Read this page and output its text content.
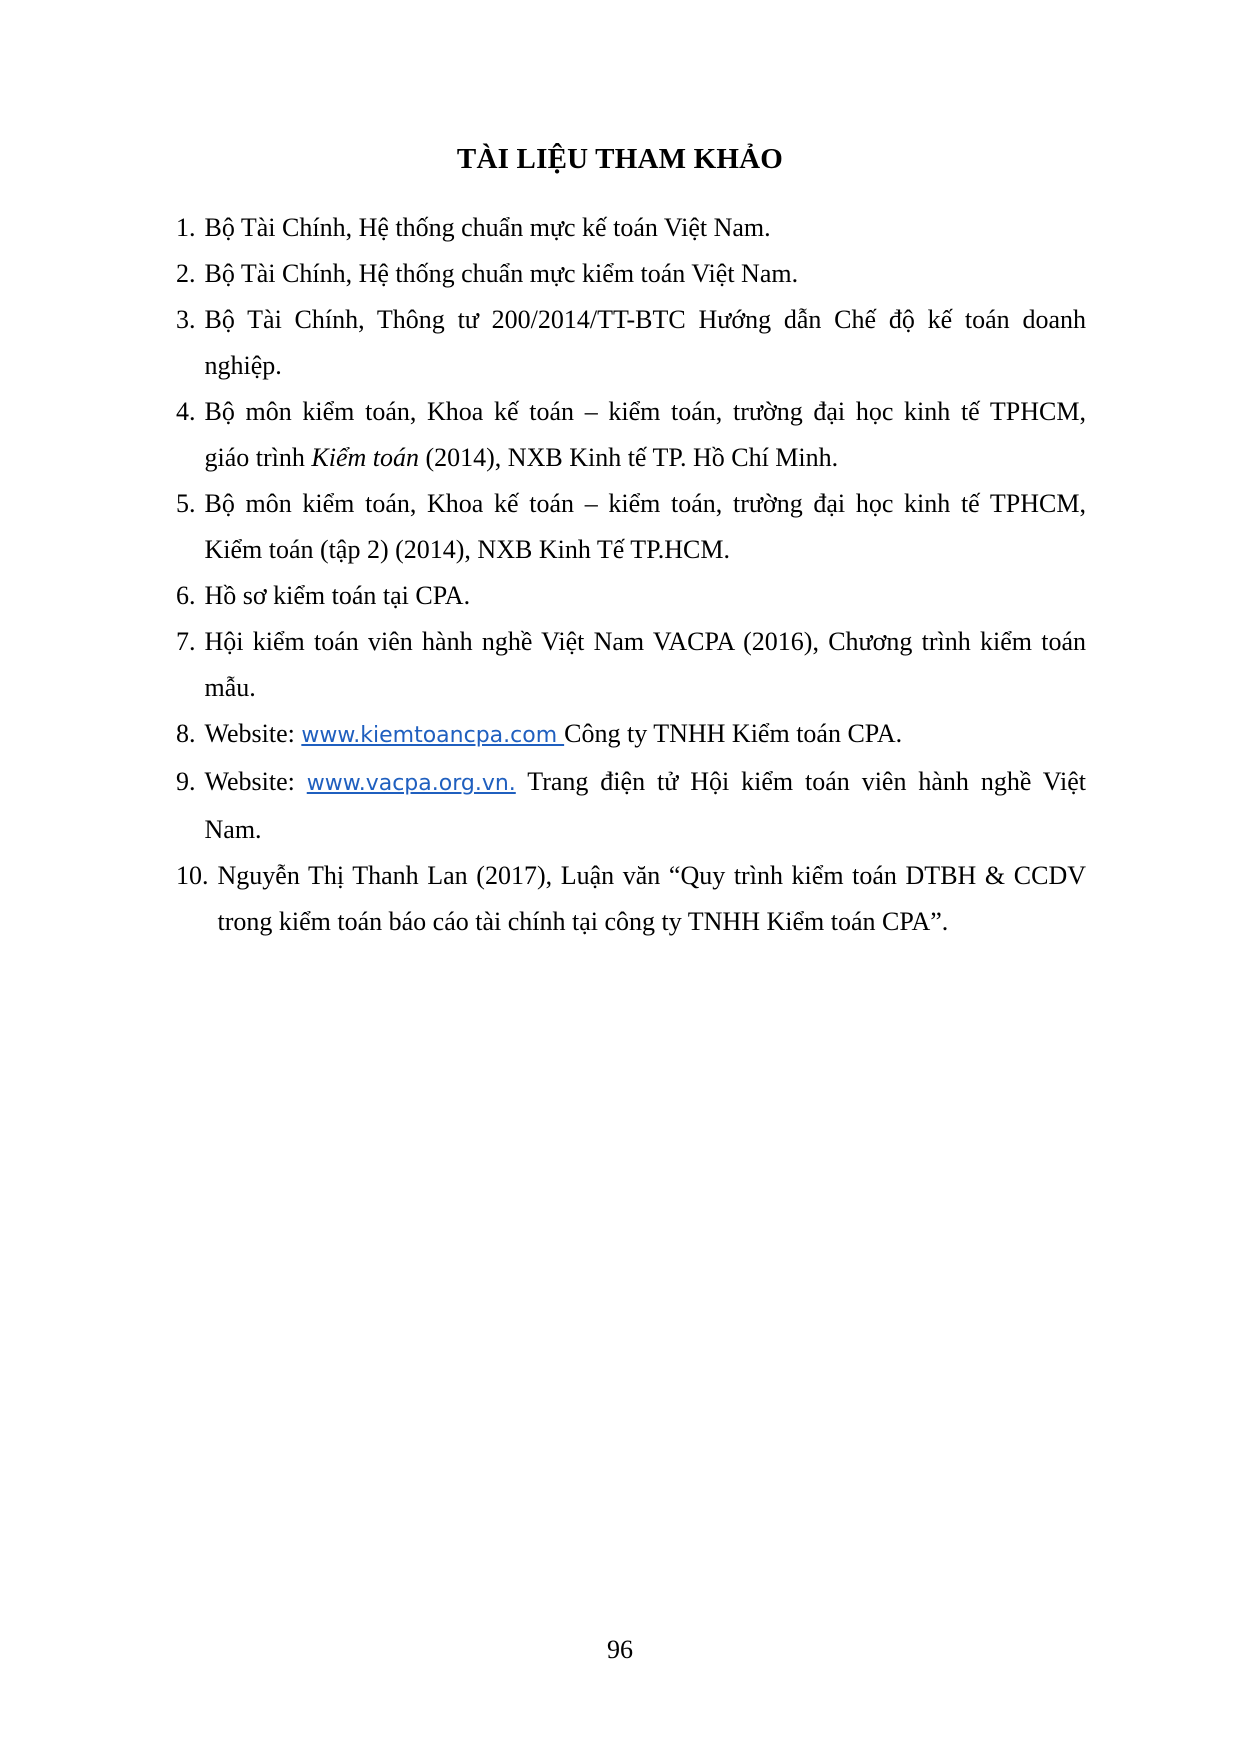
TÀI LIỆU THAM KHẢO
1. Bộ Tài Chính, Hệ thống chuẩn mực kế toán Việt Nam.
2. Bộ Tài Chính, Hệ thống chuẩn mực kiểm toán Việt Nam.
3. Bộ Tài Chính, Thông tư 200/2014/TT-BTC Hướng dẫn Chế độ kế toán doanh
nghiệp.
4. Bộ môn kiểm toán, Khoa kế toán – kiểm toán, trường đại học kinh tế TPHCM,
giáo trình Kiểm toán (2014), NXB Kinh tế TP. Hồ Chí Minh.
5. Bộ môn kiểm toán, Khoa kế toán – kiểm toán, trường đại học kinh tế TPHCM,
Kiểm toán (tập 2) (2014), NXB Kinh Tế TP.HCM.
6. Hồ sơ kiểm toán tại CPA.
7. Hội kiểm toán viên hành nghề Việt Nam VACPA (2016), Chương trình kiểm toán
mẫu.
8. Website: www.kiemtoancpa.com Công ty TNHH Kiểm toán CPA.
9. Website: www.vacpa.org.vn. Trang điện tử Hội kiểm toán viên hành nghề Việt
Nam.
10. Nguyễn Thị Thanh Lan (2017), Luận văn “Quy trình kiểm toán DTBH & CCDV
trong kiểm toán báo cáo tài chính tại công ty TNHH Kiểm toán CPA”.
96
